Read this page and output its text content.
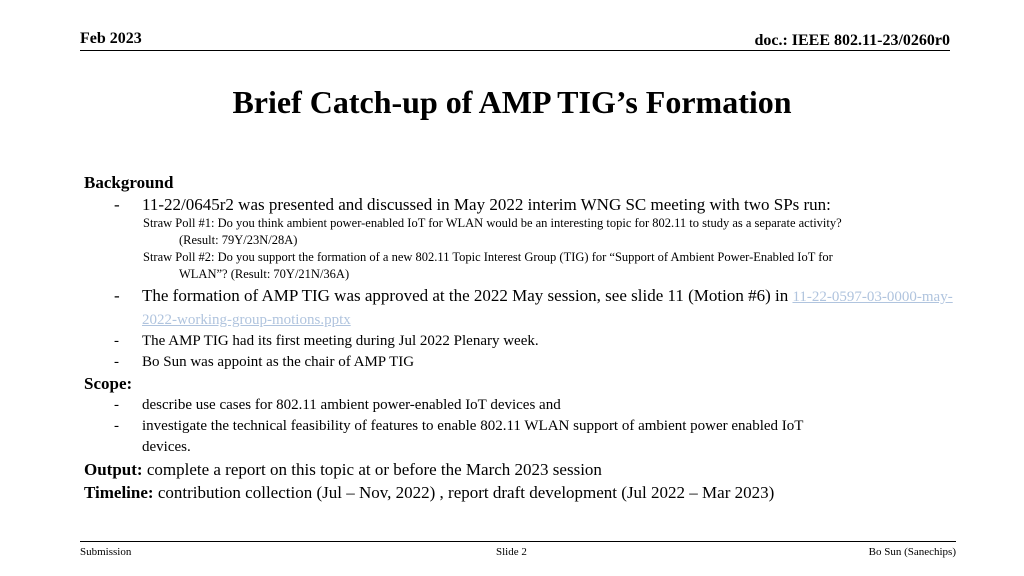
Feb 2023	doc.: IEEE 802.11-23/0260r0
Brief Catch-up of AMP TIG’s Formation
Background
- 11-22/0645r2 was presented and discussed in May 2022 interim WNG SC meeting with two SPs run:
Straw Poll #1: Do you think ambient power-enabled IoT for WLAN would be an interesting topic for 802.11 to study as a separate activity?
(Result: 79Y/23N/28A)
Straw Poll #2: Do you support the formation of a new 802.11 Topic Interest Group (TIG) for “Support of Ambient Power-Enabled IoT for
WLAN”? (Result: 70Y/21N/36A)
- The formation of AMP TIG was approved at the 2022 May session, see slide 11 (Motion #6) in 11-22-0597-03-0000-may-2022-working-group-motions.pptx
- The AMP TIG had its first meeting during Jul 2022 Plenary week.
- Bo Sun was appoint as the chair of AMP TIG
Scope:
- describe use cases for 802.11 ambient power-enabled IoT devices and
- investigate the technical feasibility of features to enable 802.11 WLAN support of ambient power enabled IoT
devices.
Output: complete a report on this topic at or before the March 2023 session
Timeline: contribution collection (Jul – Nov, 2022) , report draft development (Jul 2022 – Mar 2023)
Submission	Slide 2	Bo Sun (Sanechips)
